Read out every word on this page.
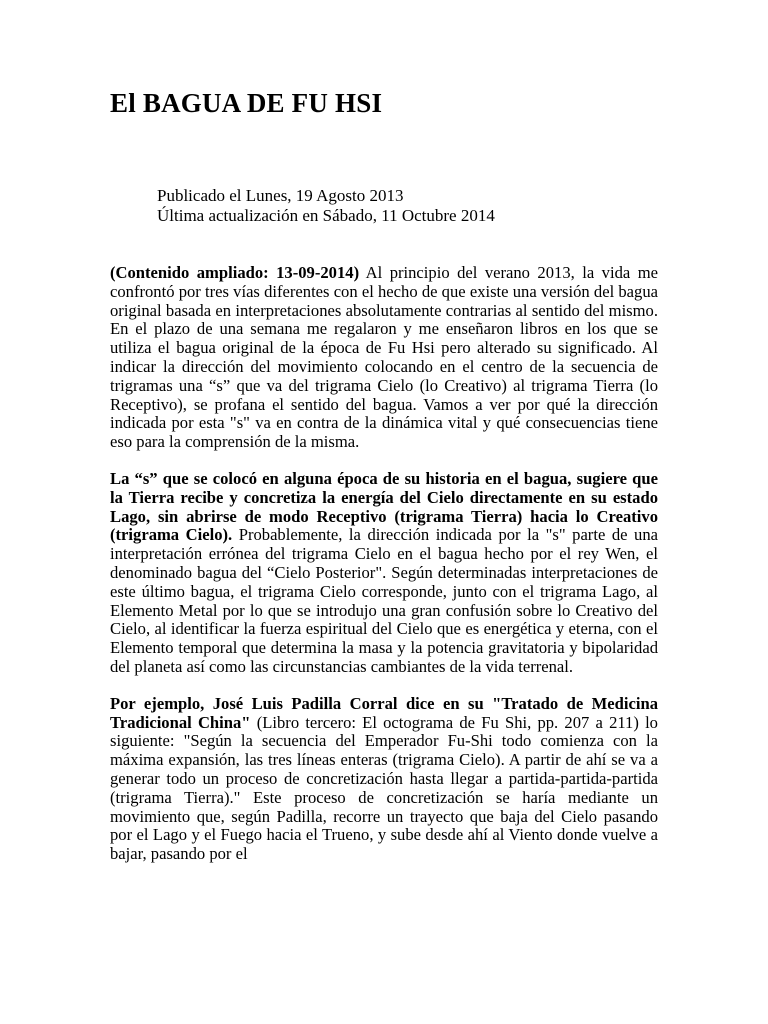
El BAGUA DE FU HSI
Publicado el Lunes, 19 Agosto 2013
Última actualización en Sábado, 11 Octubre 2014

(Contenido ampliado: 13-09-2014) Al principio del verano 2013, la vida me confrontó por tres vías diferentes con el hecho de que existe una versión del bagua original basada en interpretaciones absolutamente contrarias al sentido del mismo. En el plazo de una semana me regalaron y me enseñaron libros en los que se utiliza el bagua original de la época de Fu Hsi pero alterado su significado. Al indicar la dirección del movimiento colocando en el centro de la secuencia de trigramas una “s” que va del trigrama Cielo (lo Creativo) al trigrama Tierra (lo Receptivo), se profana el sentido del bagua. Vamos a ver por qué la dirección indicada por esta "s" va en contra de la dinámica vital y qué consecuencias tiene eso para la comprensión de la misma.

La “s” que se colocó en alguna época de su historia en el bagua, sugiere que la Tierra recibe y concretiza la energía del Cielo directamente en su estado Lago, sin abrirse de modo Receptivo (trigrama Tierra) hacia lo Creativo (trigrama Cielo). Probablemente, la dirección indicada por la "s" parte de una interpretación errónea del trigrama Cielo en el bagua hecho por el rey Wen, el denominado bagua del “Cielo Posterior". Según determinadas interpretaciones de este último bagua, el trigrama Cielo corresponde, junto con el trigrama Lago, al Elemento Metal por lo que se introdujo una gran confusión sobre lo Creativo del Cielo, al identificar la fuerza espiritual del Cielo que es energética y eterna, con el Elemento temporal que determina la masa y la potencia gravitatoria y bipolaridad del planeta así como las circunstancias cambiantes de la vida terrenal.

Por ejemplo, José Luis Padilla Corral dice en su "Tratado de Medicina Tradicional China" (Libro tercero: El octograma de Fu Shi, pp. 207 a 211) lo siguiente: "Según la secuencia del Emperador Fu-Shi todo comienza con la máxima expansión, las tres líneas enteras (trigrama Cielo). A partir de ahí se va a generar todo un proceso de concretización hasta llegar a partida-partida-partida (trigrama Tierra)." Este proceso de concretización se haría mediante un movimiento que, según Padilla, recorre un trayecto que baja del Cielo pasando por el Lago y el Fuego hacia el Trueno, y sube desde ahí al Viento donde vuelve a bajar, pasando por el
